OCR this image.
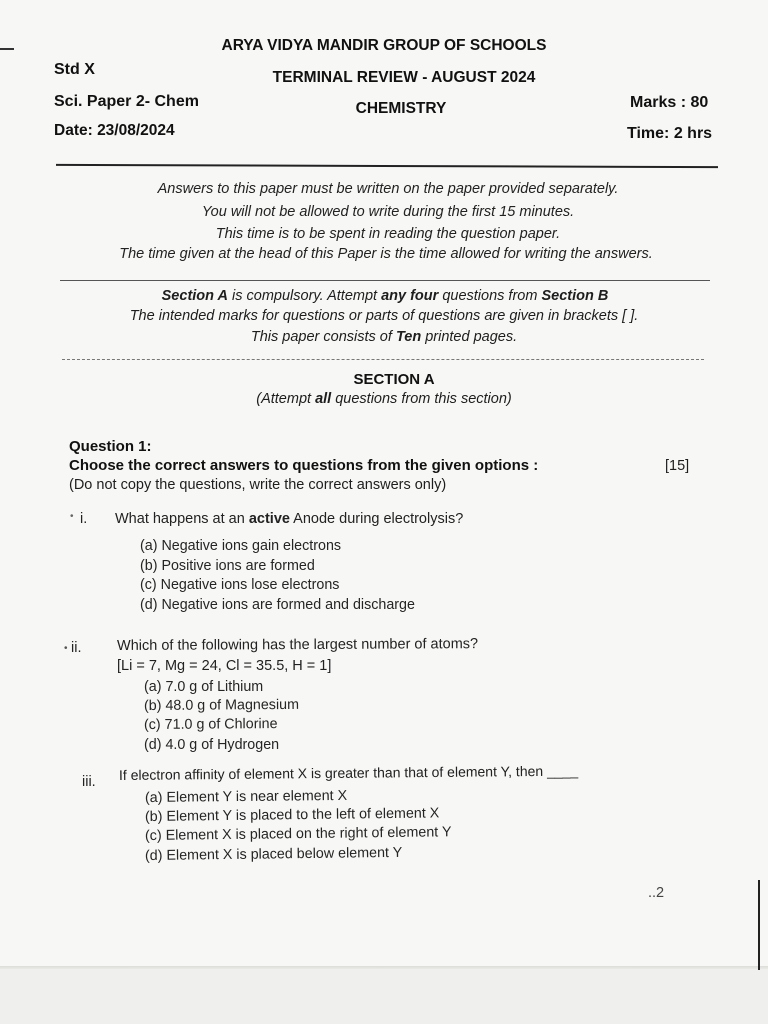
ARYA VIDYA MANDIR GROUP OF SCHOOLS
Std X	TERMINAL REVIEW - AUGUST 2024
Sci. Paper 2- Chem	CHEMISTRY	Marks : 80
Date: 23/08/2024	Time: 2 hrs
Answers to this paper must be written on the paper provided separately.
You will not be allowed to write during the first 15 minutes.
This time is to be spent in reading the question paper.
The time given at the head of this Paper is the time allowed for writing the answers.
Section A is compulsory. Attempt any four questions from Section B
The intended marks for questions or parts of questions are given in brackets [ ].
This paper consists of Ten printed pages.
SECTION A
(Attempt all questions from this section)
Question 1:
Choose the correct answers to questions from the given options :	[15]
(Do not copy the questions, write the correct answers only)
• i. What happens at an active Anode during electrolysis?
(a) Negative ions gain electrons
(b) Positive ions are formed
(c) Negative ions lose electrons
(d) Negative ions are formed and discharge
• ii. Which of the following has the largest number of atoms?
[Li = 7, Mg = 24, Cl = 35.5, H = 1]
(a) 7.0 g of Lithium
(b) 48.0 g of Magnesium
(c) 71.0 g of Chlorine
(d) 4.0 g of Hydrogen
iii. If electron affinity of element X is greater than that of element Y, then ____
(a) Element Y is near element X
(b) Element Y is placed to the left of element X
(c) Element X is placed on the right of element Y
(d) Element X is placed below element Y
..2
